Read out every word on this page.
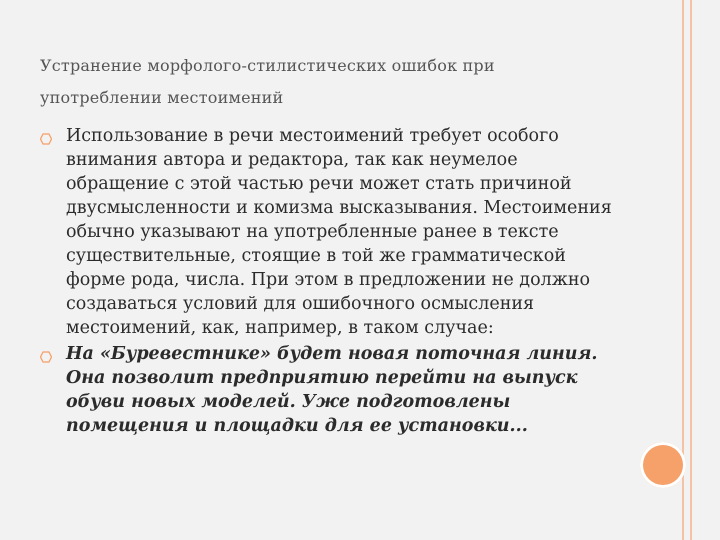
Устранение морфолого-стилистических ошибок при употреблении местоимений
Использование в речи местоимений требует особого внимания автора и редактора, так как неумелое обращение с этой частью речи может стать причиной двусмысленности и комизма высказывания. Местоимения обычно указывают на употребленные ранее в тексте существительные, стоящие в той же грамматической форме рода, числа. При этом в предложении не должно создаваться условий для ошибочного осмысления местоимений, как, например, в таком случае:
На «Буревестнике» будет новая поточная линия. Она позволит предприятию перейти на выпуск обуви новых моделей. Уже подготовлены помещения и площадки для ее установки...
